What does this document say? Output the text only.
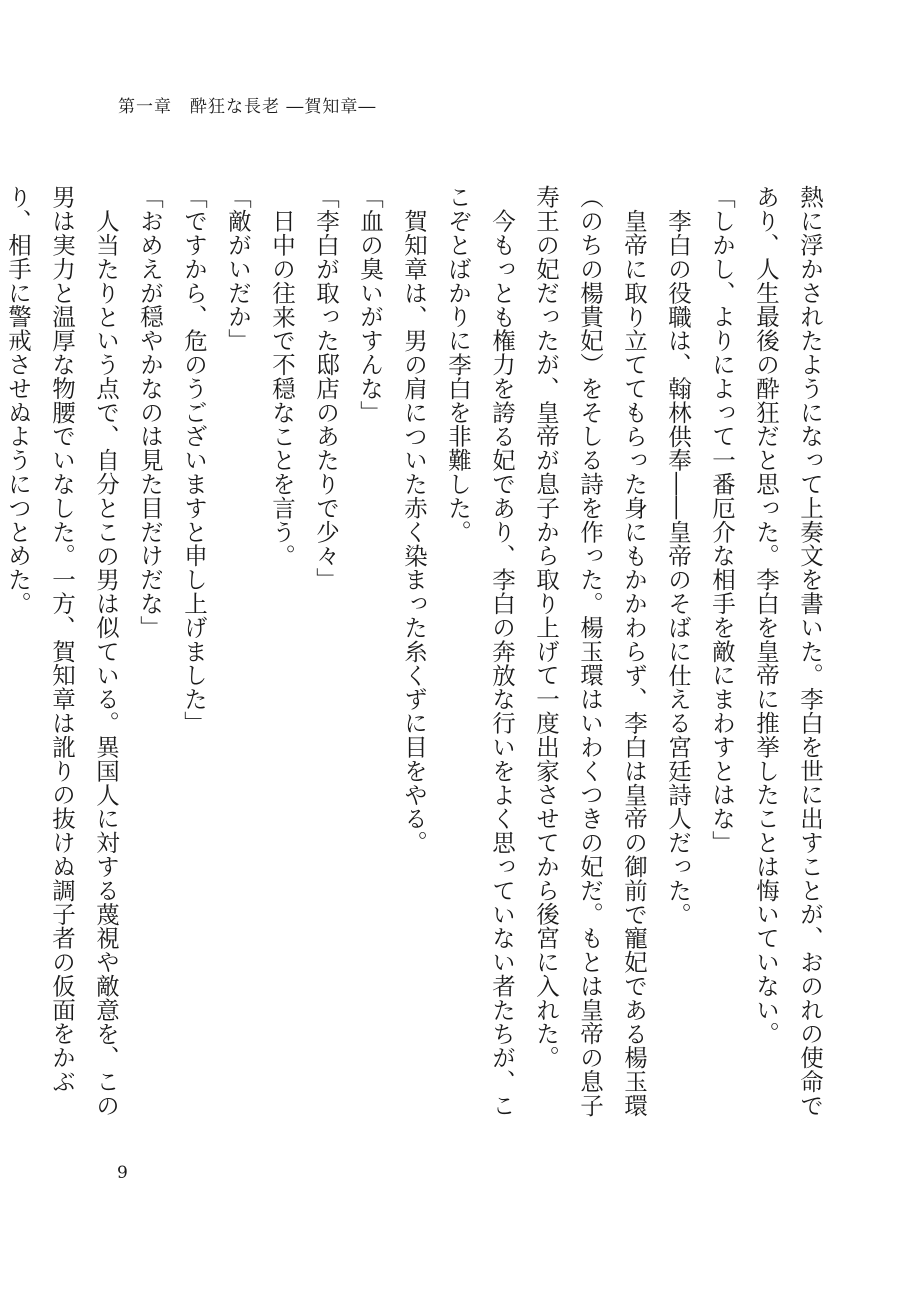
第一章　酔狂な長老 ―賀知章―

熱に浮かされたようになって上奏文を書いた。李白を世に出すことが、おのれの使命であり、人生最後の酔狂だと思った。李白を皇帝に推挙したことは悔いていない。

「しかし、よりによって一番厄介な相手を敵にまわすとはな」

李白の役職は、翰林供奉――皇帝のそばに仕える宮廷詩人だった。

皇帝に取り立ててもらった身にもかかわらず、李白は皇帝の御前で寵妃である楊玉環（のちの楊貴妃）をそしる詩を作った。楊玉環はいわくつきの妃だ。もとは皇帝の息子寿王の妃だったが、皇帝が息子から取り上げて一度出家させてから後宮に入れた。

今もっとも権力を誇る妃であり、李白の奔放な行いをよく思っていない者たちが、ここぞとばかりに李白を非難した。

賀知章は、男の肩についた赤く染まった糸くずに目をやる。

「血の臭いがすんな」

「李白が取った邸店のあたりで少々」

日中の往来で不穏なことを言う。

「敵がいだか」

「ですから、危のうございますと申し上げました」

「おめえが穏やかなのは見た目だけだな」

人当たりという点で、自分とこの男は似ている。異国人に対する蔑視や敵意を、この男は実力と温厚な物腰でいなした。一方、賀知章は訛りの抜けぬ調子者の仮面をかぶり、相手に警戒させぬようにつとめた。

9
